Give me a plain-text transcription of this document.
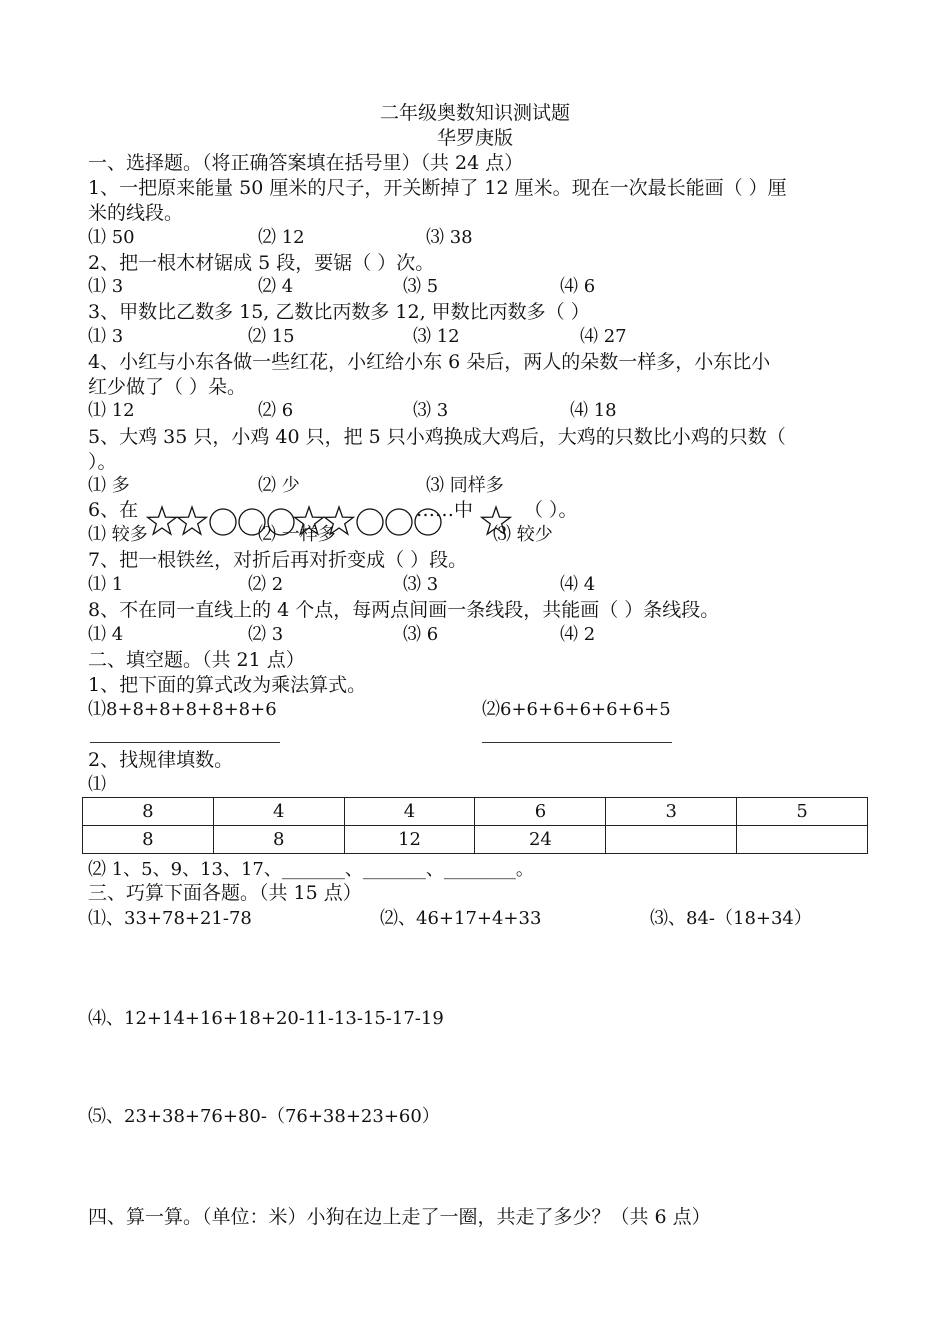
二年级奥数知识测试题
华罗庚版
一、选择题。（将正确答案填在括号里）（共 24 点）
1、一把原来能量 50 厘米的尺子，开关断掉了 12 厘米。现在一次最长能画（ ）厘
米的线段。
⑴ 50	⑵ 12	⑶ 38
2、把一根木材锯成 5 段，要锯（ ）次。
⑴ 3	⑵ 4	⑶ 5	⑷ 6
3、甲数比乙数多 15, 乙数比丙数多 12, 甲数比丙数多（ ）
⑴ 3	⑵ 15	⑶ 12	⑷ 27
4、小红与小东各做一些红花，小红给小东 6 朵后，两人的朵数一样多，小东比小
红少做了（ ）朵。
⑴ 12	⑵ 6	⑶ 3	⑷ 18
5、大鸡 35 只，小鸡 40 只，把 5 只小鸡换成大鸡后，大鸡的只数比小鸡的只数（
）。
⑴ 多	⑵ 少	⑶ 同样多
6、在	……中	（ ）。
⑴ 较多	⑵ 一样多	⑶ 较少
7、把一根铁丝，对折后再对折变成（ ）段。
⑴ 1	⑵ 2	⑶ 3	⑷ 4
8、不在同一直线上的 4 个点，每两点间画一条线段，共能画（ ）条线段。
⑴ 4	⑵ 3	⑶ 6	⑷ 2
二、填空题。（共 21 点）
1、把下面的算式改为乘法算式。
⑴8+8+8+8+8+8+6	⑵6+6+6+6+6+6+5
2、找规律填数。
⑴
8	4	4	6	3	5
8	8	12	24		
⑵ 1、5、9、13、17、_______、_______、________。
三、巧算下面各题。（共 15 点）
⑴、33+78+21-78	⑵、46+17+4+33	⑶、84-（18+34）
⑷、12+14+16+18+20-11-13-15-17-19
⑸、23+38+76+80-（76+38+23+60）
四、算一算。（单位：米）小狗在边上走了一圈，共走了多少？（共 6 点）
